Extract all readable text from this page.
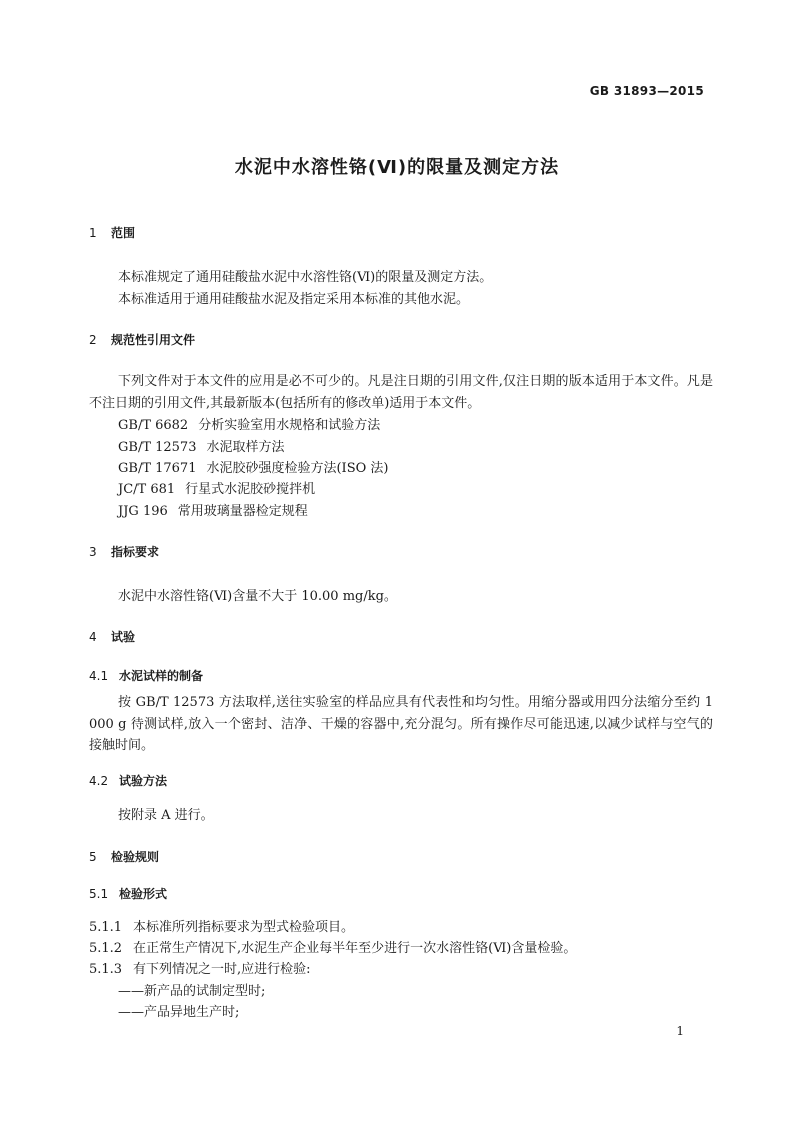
GB 31893—2015
水泥中水溶性铬(Ⅵ)的限量及测定方法
1 范围
本标准规定了通用硅酸盐水泥中水溶性铬(Ⅵ)的限量及测定方法。
本标准适用于通用硅酸盐水泥及指定采用本标准的其他水泥。
2 规范性引用文件
下列文件对于本文件的应用是必不可少的。凡是注日期的引用文件,仅注日期的版本适用于本文件。凡是不注日期的引用文件,其最新版本(包括所有的修改单)适用于本文件。
GB/T 6682 分析实验室用水规格和试验方法
GB/T 12573 水泥取样方法
GB/T 17671 水泥胶砂强度检验方法(ISO 法)
JC/T 681 行星式水泥胶砂搅拌机
JJG 196 常用玻璃量器检定规程
3 指标要求
水泥中水溶性铬(Ⅵ)含量不大于 10.00 mg/kg。
4 试验
4.1 水泥试样的制备
按 GB/T 12573 方法取样,送往实验室的样品应具有代表性和均匀性。用缩分器或用四分法缩分至约 1 000 g 待测试样,放入一个密封、洁净、干燥的容器中,充分混匀。所有操作尽可能迅速,以减少试样与空气的接触时间。
4.2 试验方法
按附录 A 进行。
5 检验规则
5.1 检验形式
5.1.1 本标准所列指标要求为型式检验项目。
5.1.2 在正常生产情况下,水泥生产企业每半年至少进行一次水溶性铬(Ⅵ)含量检验。
5.1.3 有下列情况之一时,应进行检验:
——新产品的试制定型时;
——产品异地生产时;
1
